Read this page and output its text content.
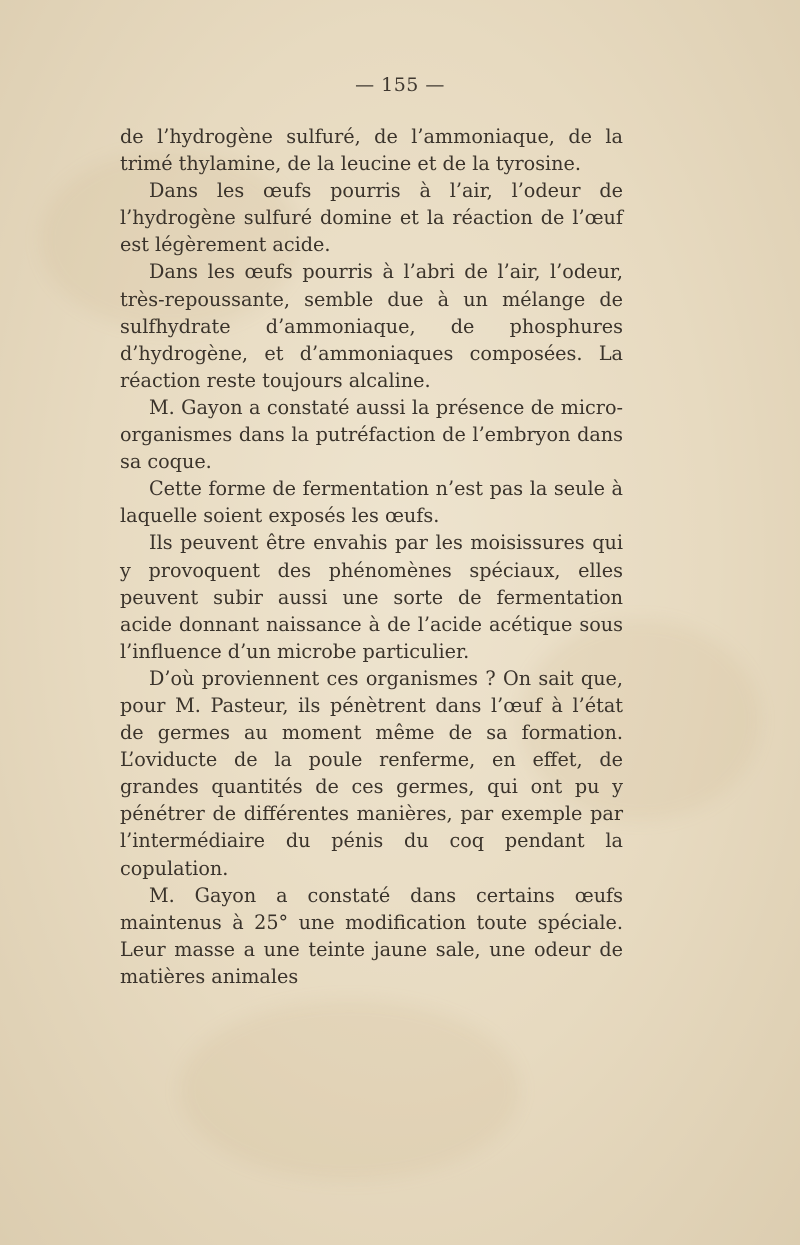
— 155 —

de l’hydrogène sulfuré, de l’ammoniaque, de la trimé thylamine, de la leucine et de la tyrosine.

Dans les œufs pourris à l’air, l’odeur de l’hydrogène sulfuré domine et la réaction de l’œuf est légèrement acide.

Dans les œufs pourris à l’abri de l’air, l’odeur, très-repoussante, semble due à un mélange de sulfhydrate d’ammoniaque, de phosphures d’hydrogène, et d’ammoniaques composées. La réaction reste toujours alcaline.

M. Gayon a constaté aussi la présence de micro-organismes dans la putréfaction de l’embryon dans sa coque.

Cette forme de fermentation n’est pas la seule à laquelle soient exposés les œufs.

Ils peuvent être envahis par les moisissures qui y provoquent des phénomènes spéciaux, elles peuvent subir aussi une sorte de fermentation acide donnant naissance à de l’acide acétique sous l’influence d’un microbe particulier.

D’où proviennent ces organismes ? On sait que, pour M. Pasteur, ils pénètrent dans l’œuf à l’état de germes au moment même de sa formation. L’oviducte de la poule renferme, en effet, de grandes quantités de ces germes, qui ont pu y pénétrer de différentes manières, par exemple par l’intermédiaire du pénis du coq pendant la copulation.

M. Gayon a constaté dans certains œufs maintenus à 25° une modification toute spéciale. Leur masse a une teinte jaune sale, une odeur de matières animales
